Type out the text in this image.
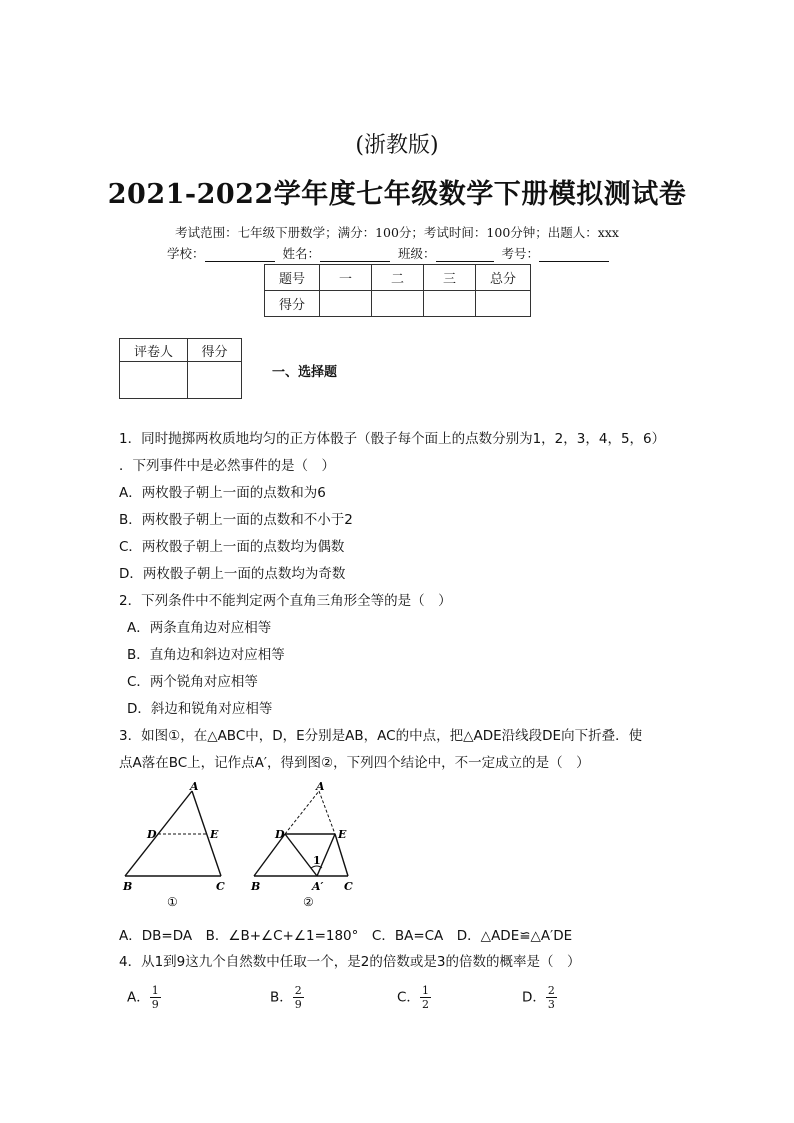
(浙教版)
2021-2022学年度七年级数学下册模拟测试卷
考试范围：七年级下册数学；满分：100分；考试时间：100分钟；出题人：xxx
学校：	姓名：	班级：	考号：
题号	一	二	三	总分
得分				
评卷人	得分

一、选择题
1．同时抛掷两枚质地均匀的正方体骰子（骰子每个面上的点数分别为1，2，3，4，5，6）
．下列事件中是必然事件的是（　）
A．两枚骰子朝上一面的点数和为6
B．两枚骰子朝上一面的点数和不小于2
C．两枚骰子朝上一面的点数均为偶数
D．两枚骰子朝上一面的点数均为奇数
2．下列条件中不能判定两个直角三角形全等的是（　）
A．两条直角边对应相等
B．直角边和斜边对应相等
C．两个锐角对应相等
D．斜边和锐角对应相等
3．如图①，在△ABC中，D，E分别是AB，AC的中点，把△ADE沿线段DE向下折叠．使
点A落在BC上，记作点A′，得到图②，下列四个结论中，不一定成立的是（　）
A
D	E
B	C
①
A
D	E
1
B	A′ C
②
A．DB=DA　B．∠B+∠C+∠1=180°　C．BA=CA　D．△ADE≌△A′DE
4．从1到9这九个自然数中任取一个，是2的倍数或是3的倍数的概率是（　）
A． $\frac{1}{9}$	B． $\frac{2}{9}$	C． $\frac{1}{2}$	D． $\frac{2}{3}$
